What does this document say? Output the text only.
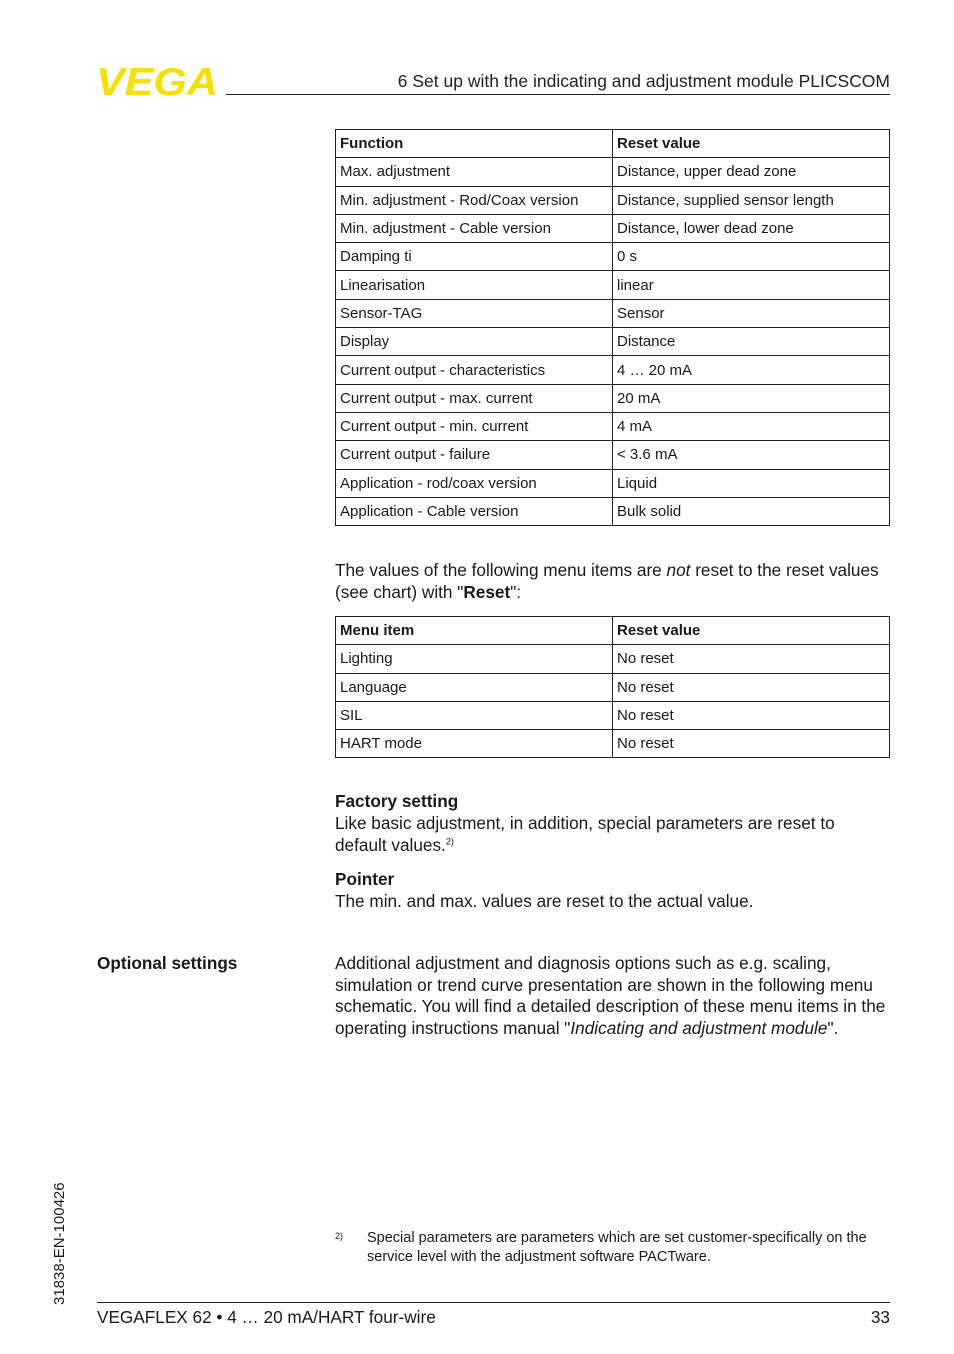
VEGA	6 Set up with the indicating and adjustment module PLICSCOM
Function	Reset value
Max. adjustment	Distance, upper dead zone
Min. adjustment - Rod/Coax version	Distance, supplied sensor length
Min. adjustment - Cable version	Distance, lower dead zone
Damping ti	0 s
Linearisation	linear
Sensor-TAG	Sensor
Display	Distance
Current output - characteristics	4 … 20 mA
Current output - max. current	20 mA
Current output - min. current	4 mA
Current output - failure	< 3.6 mA
Application - rod/coax version	Liquid
Application - Cable version	Bulk solid
The values of the following menu items are not reset to the reset values (see chart) with "Reset":
Menu item	Reset value
Lighting	No reset
Language	No reset
SIL	No reset
HART mode	No reset
Factory setting
Like basic adjustment, in addition, special parameters are reset to default values.$^{2)}$
Pointer
The min. and max. values are reset to the actual value.
Optional settings	Additional adjustment and diagnosis options such as e.g. scaling, simulation or trend curve presentation are shown in the following menu schematic. You will find a detailed description of these menu items in the operating instructions manual "Indicating and adjustment module".
31838-EN-100426	2) Special parameters are parameters which are set customer-specifically on the service level with the adjustment software PACTware.
VEGAFLEX 62 • 4 … 20 mA/HART four-wire	33
